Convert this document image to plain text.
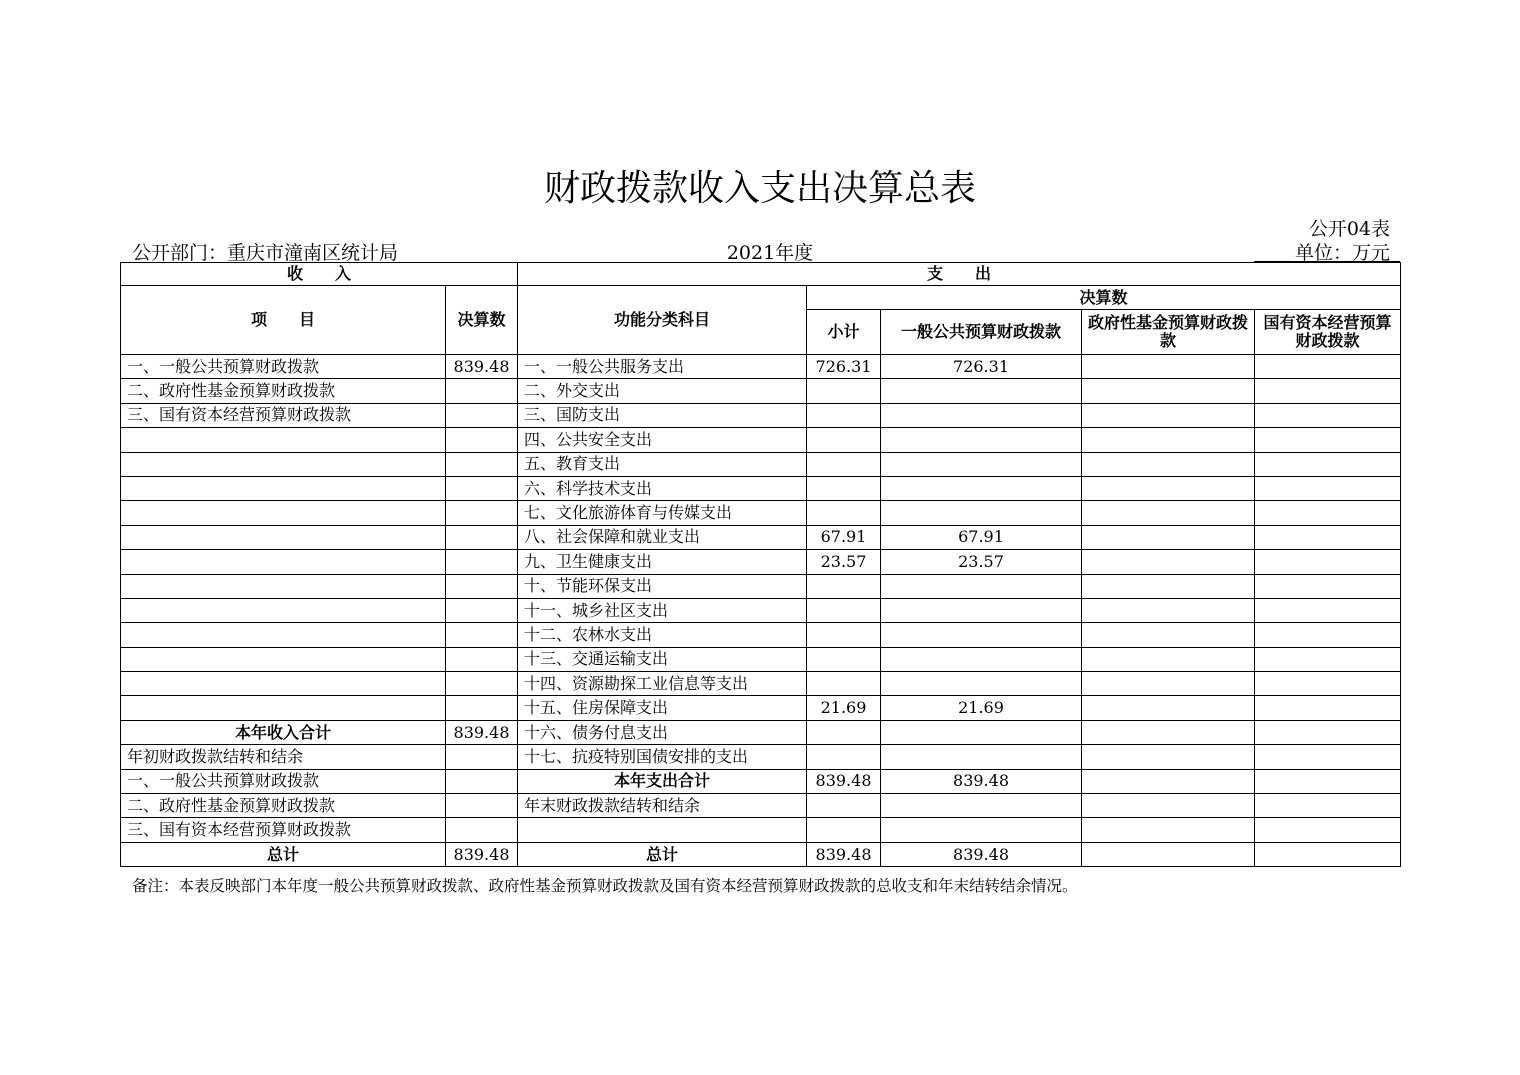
财政拨款收入支出决算总表
公开04表
2021年度
公开部门：重庆市潼南区统计局	单位：万元
收　　入		支　　出				
项　　目	决算数	功能分类科目	决算数			
			小计	一般公共预算财政拨款	政府性基金预算财政拨款	国有资本经营预算财政拨款
一、一般公共预算财政拨款	839.48	一、一般公共服务支出	726.31	726.31		
二、政府性基金预算财政拨款		二、外交支出				
三、国有资本经营预算财政拨款		三、国防支出				
		四、公共安全支出				
		五、教育支出				
		六、科学技术支出				
		七、文化旅游体育与传媒支出				
		八、社会保障和就业支出	67.91	67.91		
		九、卫生健康支出	23.57	23.57		
		十、节能环保支出				
		十一、城乡社区支出				
		十二、农林水支出				
		十三、交通运输支出				
		十四、资源勘探工业信息等支出				
		十五、住房保障支出	21.69	21.69		
本年收入合计	839.48	十六、债务付息支出				
年初财政拨款结转和结余		十七、抗疫特别国债安排的支出				
一、一般公共预算财政拨款		本年支出合计	839.48	839.48		
二、政府性基金预算财政拨款		年末财政拨款结转和结余				
三、国有资本经营预算财政拨款						
总计	839.48	总计	839.48	839.48		
备注：本表反映部门本年度一般公共预算财政拨款、政府性基金预算财政拨款及国有资本经营预算财政拨款的总收支和年末结转结余情况。
